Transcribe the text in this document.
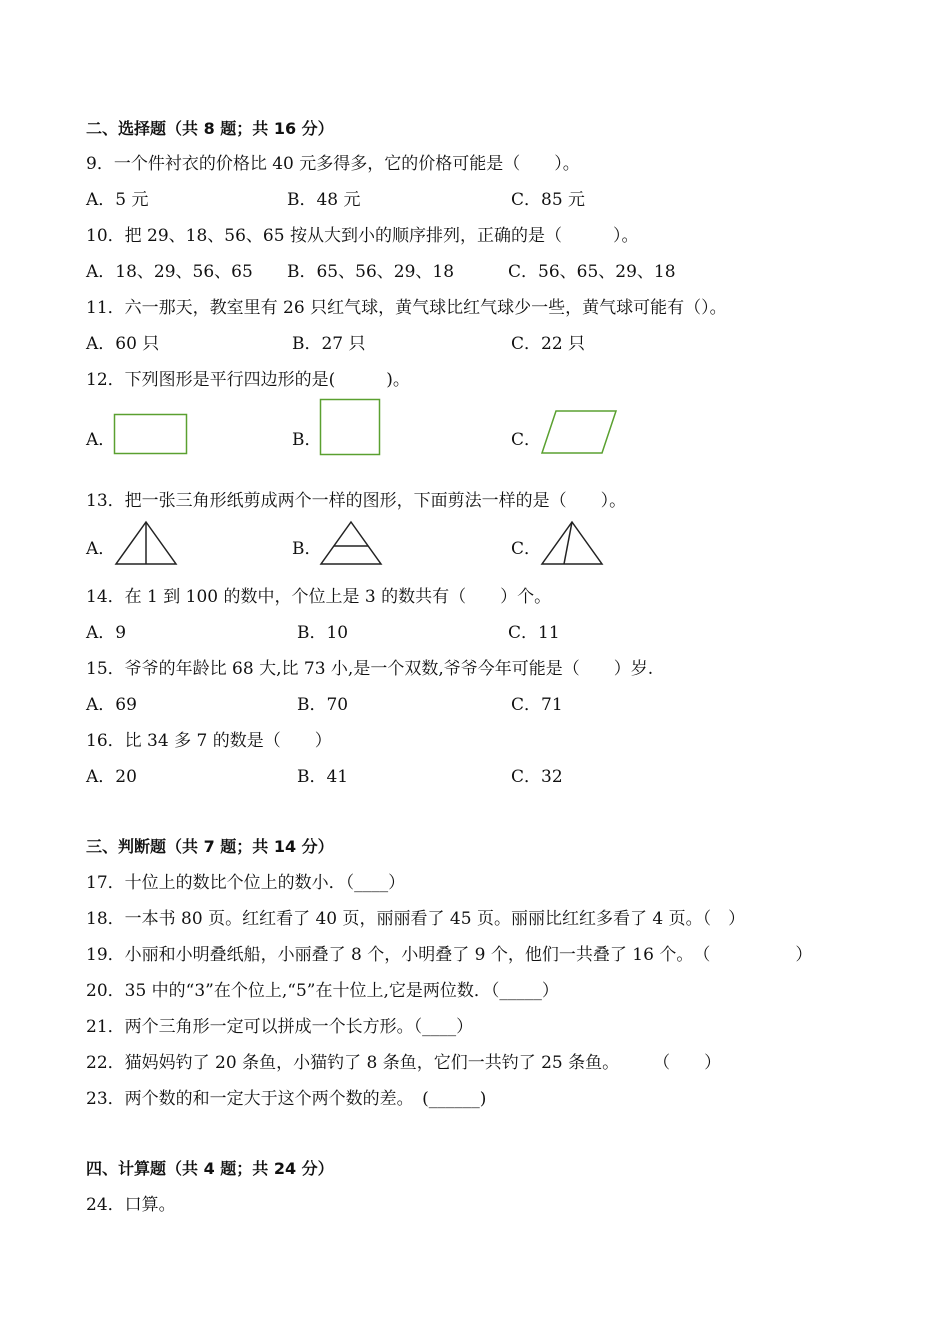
二、选择题（共 8 题；共 16 分）
9．一个件衬衣的价格比 40 元多得多，它的价格可能是（　　）。
A．5 元	B．48 元	C．85 元
10．把 29、18、56、65 按从大到小的顺序排列，正确的是（　　　）。
A．18、29、56、65 B．65、56、29、18	C．56、65、29、18
11．六一那天，教室里有 26 只红气球，黄气球比红气球少一些，黄气球可能有（）。
A．60 只	B．27 只	C．22 只
12．下列图形是平行四边形的是(　　　)。
A．	B．	C．
13．把一张三角形纸剪成两个一样的图形，下面剪法一样的是（　　）。
A．	B．	C．
14．在 1 到 100 的数中，个位上是 3 的数共有（　　）个。
A．9	B．10	C．11
15．爷爷的年龄比 68 大,比 73 小,是一个双数,爷爷今年可能是（　　）岁.
A．69	B．70	C．71
16．比 34 多 7 的数是（　　）
A．20	B．41	C．32
三、判断题（共 7 题；共 14 分）
17．十位上的数比个位上的数小．（____）
18．一本书 80 页。红红看了 40 页，丽丽看了 45 页。丽丽比红红多看了 4 页。（　）
19．小丽和小明叠纸船，小丽叠了 8 个，小明叠了 9 个，他们一共叠了 16 个。　（　　　　　）
20．35 中的“3”在个位上,“5”在十位上,它是两位数．（_____）
21．两个三角形一定可以拼成一个长方形。（____）
22．猫妈妈钓了 20 条鱼，小猫钓了 8 条鱼，它们一共钓了 25 条鱼。　　　（　　）
23．两个数的和一定大于这个两个数的差。　(______)
四、计算题（共 4 题；共 24 分）
24．口算。
